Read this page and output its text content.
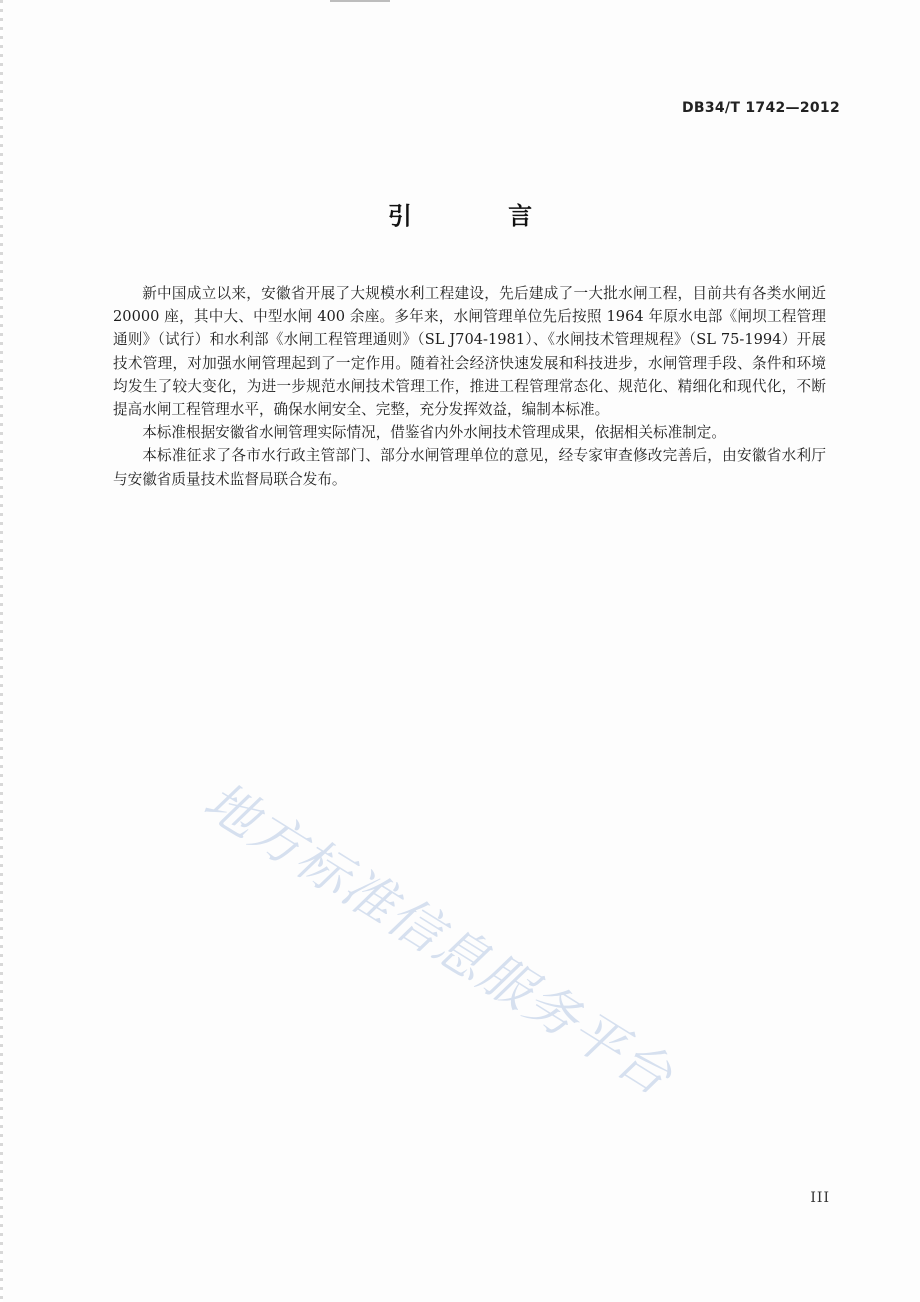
DB34/T 1742—2012
引 言

新中国成立以来，安徽省开展了大规模水利工程建设，先后建成了一大批水闸工程，目前共有各类水闸近 20000 座，其中大、中型水闸 400 余座。多年来，水闸管理单位先后按照 1964 年原水电部《闸坝工程管理通则》（试行）和水利部《水闸工程管理通则》（SL J704-1981）、《水闸技术管理规程》（SL 75-1994）开展技术管理，对加强水闸管理起到了一定作用。随着社会经济快速发展和科技进步，水闸管理手段、条件和环境均发生了较大变化，为进一步规范水闸技术管理工作，推进工程管理常态化、规范化、精细化和现代化，不断提高水闸工程管理水平，确保水闸安全、完整，充分发挥效益，编制本标准。

本标准根据安徽省水闸管理实际情况，借鉴省内外水闸技术管理成果，依据相关标准制定。

本标准征求了各市水行政主管部门、部分水闸管理单位的意见，经专家审查修改完善后，由安徽省水利厅与安徽省质量技术监督局联合发布。

地方标准信息服务平台
III
